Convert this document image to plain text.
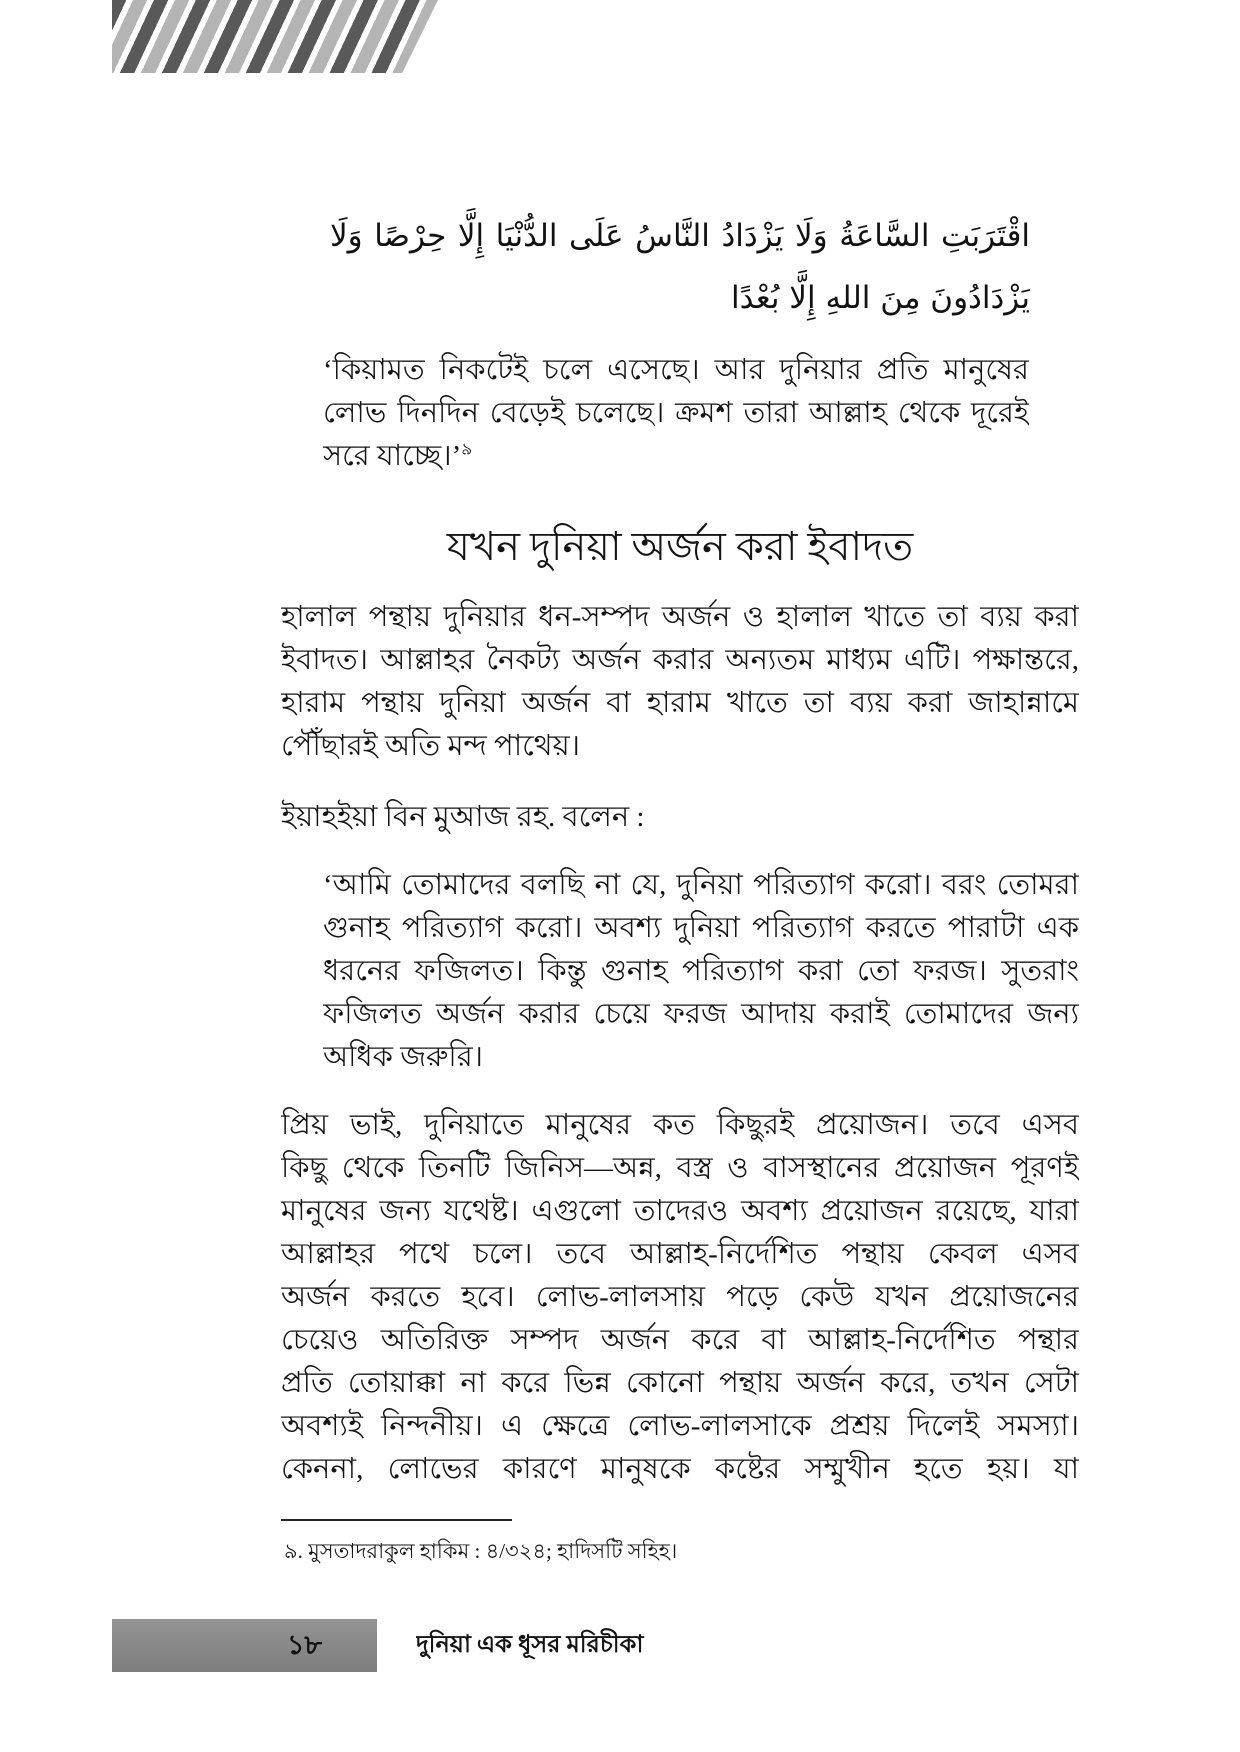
اقْتَرَبَتِ السَّاعَةُ وَلَا يَزْدَادُ النَّاسُ عَلَى الدُّنْيَا إِلَّا حِرْصًا وَلَا
يَزْدَادُونَ مِنَ اللهِ إِلَّا بُعْدًا
‘কিয়ামত নিকটেই চলে এসেছে। আর দুনিয়ার প্রতি মানুষের
লোভ দিনদিন বেড়েই চলেছে। ক্রমশ তারা আল্লাহ থেকে দূরেই
সরে যাচ্ছে।’$^৯$
যখন দুনিয়া অর্জন করা ইবাদত
হালাল পন্থায় দুনিয়ার ধন-সম্পদ অর্জন ও হালাল খাতে তা ব্যয় করা
ইবাদত। আল্লাহর নৈকট্য অর্জন করার অন্যতম মাধ্যম এটি। পক্ষান্তরে,
হারাম পন্থায় দুনিয়া অর্জন বা হারাম খাতে তা ব্যয় করা জাহান্নামে
পৌঁছারই অতি মন্দ পাথেয়।
ইয়াহইয়া বিন মুআজ রহ. বলেন :
‘আমি তোমাদের বলছি না যে, দুনিয়া পরিত্যাগ করো। বরং তোমরা
গুনাহ পরিত্যাগ করো। অবশ্য দুনিয়া পরিত্যাগ করতে পারাটা এক
ধরনের ফজিলত। কিন্তু গুনাহ পরিত্যাগ করা তো ফরজ। সুতরাং
ফজিলত অর্জন করার চেয়ে ফরজ আদায় করাই তোমাদের জন্য
অধিক জরুরি।
প্রিয় ভাই, দুনিয়াতে মানুষের কত কিছুরই প্রয়োজন। তবে এসব
কিছু থেকে তিনটি জিনিস—অন্ন, বস্ত্র ও বাসস্থানের প্রয়োজন পূরণই
মানুষের জন্য যথেষ্ট। এগুলো তাদেরও অবশ্য প্রয়োজন রয়েছে, যারা
আল্লাহর পথে চলে। তবে আল্লাহ-নির্দেশিত পন্থায় কেবল এসব
অর্জন করতে হবে। লোভ-লালসায় পড়ে কেউ যখন প্রয়োজনের
চেয়েও অতিরিক্ত সম্পদ অর্জন করে বা আল্লাহ-নির্দেশিত পন্থার
প্রতি তোয়াক্কা না করে ভিন্ন কোনো পন্থায় অর্জন করে, তখন সেটা
অবশ্যই নিন্দনীয়। এ ক্ষেত্রে লোভ-লালসাকে প্রশ্রয় দিলেই সমস্যা।
কেননা, লোভের কারণে মানুষকে কষ্টের সম্মুখীন হতে হয়। যা
৯. মুসতাদরাকুল হাকিম : ৪/৩২৪; হাদিসটি সহিহ।
১৮	দুনিয়া এক ধূসর মরিচীকা
